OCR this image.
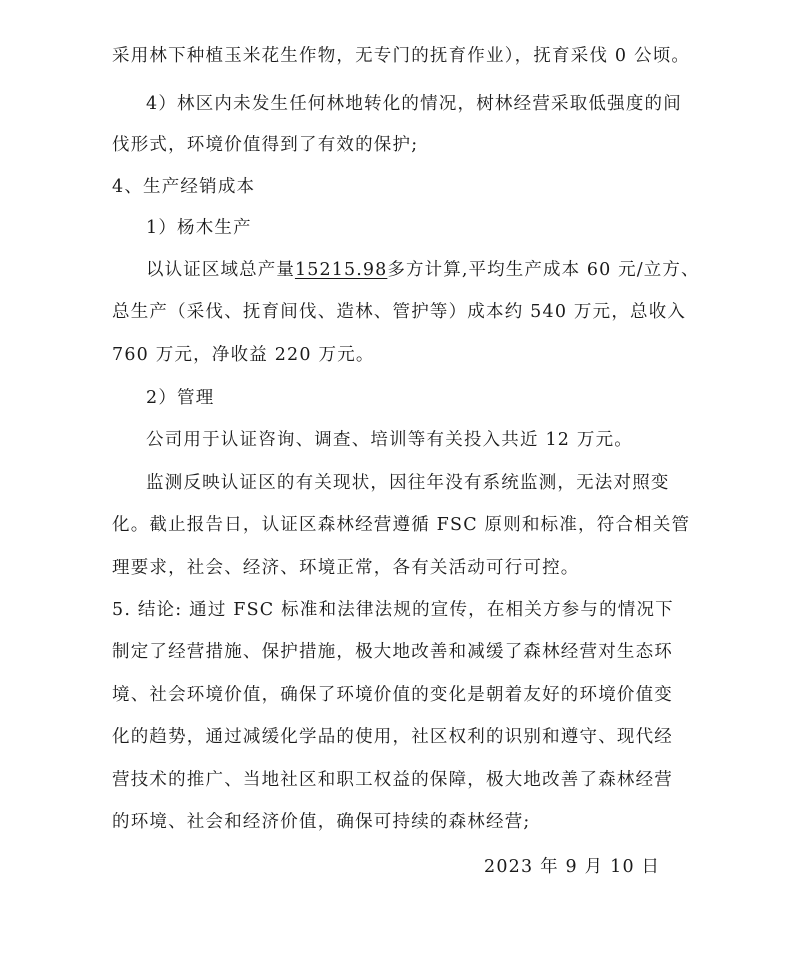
采用林下种植玉米花生作物，无专门的抚育作业），抚育采伐 0 公顷。
4）林区内未发生任何林地转化的情况，树林经营采取低强度的间
伐形式，环境价值得到了有效的保护;
4、生产经销成本
1）杨木生产
以认证区域总产量15215.98多方计算,平均生产成本 60 元/立方、
总生产（采伐、抚育间伐、造林、管护等）成本约 540 万元，总收入
760 万元，净收益 220 万元。
2）管理
公司用于认证咨询、调查、培训等有关投入共近 12 万元。
监测反映认证区的有关现状，因往年没有系统监测，无法对照变
化。截止报告日，认证区森林经营遵循 FSC 原则和标准，符合相关管
理要求，社会、经济、环境正常，各有关活动可行可控。
5. 结论: 通过 FSC 标准和法律法规的宣传，在相关方参与的情况下
制定了经营措施、保护措施，极大地改善和减缓了森林经营对生态环
境、社会环境价值，确保了环境价值的变化是朝着友好的环境价值变
化的趋势，通过减缓化学品的使用，社区权利的识别和遵守、现代经
营技术的推广、当地社区和职工权益的保障，极大地改善了森林经营
的环境、社会和经济价值，确保可持续的森林经营;
2023 年 9 月 10 日
